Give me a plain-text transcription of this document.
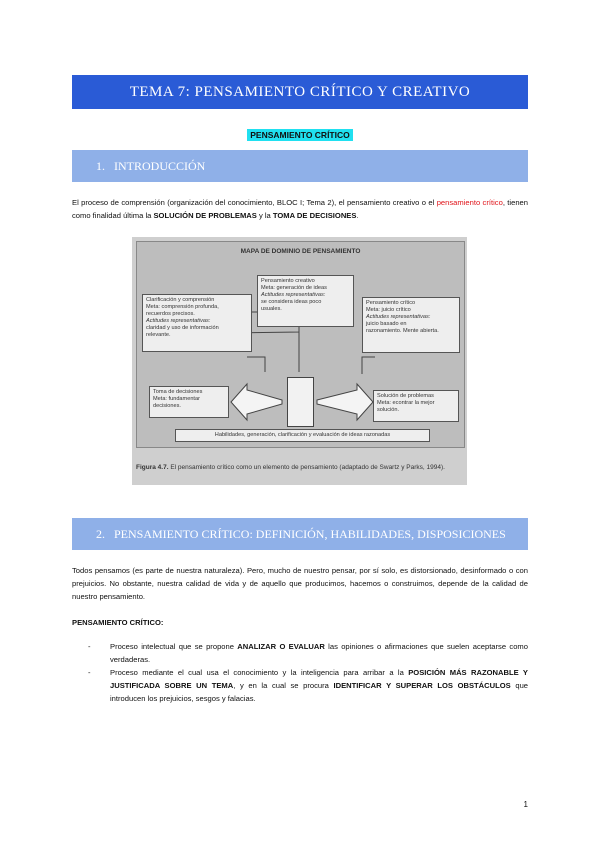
TEMA 7: PENSAMIENTO CRÍTICO Y CREATIVO
PENSAMIENTO CRÍTICO
1. INTRODUCCIÓN
El proceso de comprensión (organización del conocimiento, BLOC I; Tema 2), el pensamiento creativo o el pensamiento crítico, tienen como finalidad última la SOLUCIÓN DE PROBLEMAS y la TOMA DE DECISIONES.
MAPA DE DOMINIO DE PENSAMIENTO
Pensamiento creativo
Meta: generación de ideas
Actitudes representativas:
se considera ideas poco
usuales.
Clarificación y comprensión
Meta: comprensión profunda,
recuerdos precisos.
Actitudes representativas:
claridad y uso de información
relevante.
Pensamiento crítico
Meta: juicio crítico
Actitudes representativas:
juicio basado en
razonamiento. Mente abierta.
Toma de decisiones
Meta: fundamentar
decisiones.
Solución de problemas
Meta: econtrar la mejor
solución.
Habilidades, generación, clarificación y evaluación de ideas razonadas
Figura 4.7. El pensamiento crítico como un elemento de pensamiento (adaptado de Swartz y Parks, 1994).
2. PENSAMIENTO CRÍTICO: DEFINICIÓN, HABILIDADES, DISPOSICIONES
Todos pensamos (es parte de nuestra naturaleza). Pero, mucho de nuestro pensar, por sí solo, es distorsionado, desinformado o con prejuicios. No obstante, nuestra calidad de vida y de aquello que producimos, hacemos o construimos, depende de la calidad de nuestro pensamiento.
PENSAMIENTO CRÍTICO:
-	Proceso intelectual que se propone ANALIZAR O EVALUAR las opiniones o afirmaciones que suelen aceptarse como verdaderas.
-	Proceso mediante el cual usa el conocimiento y la inteligencia para arribar a la POSICIÓN MÁS RAZONABLE Y JUSTIFICADA SOBRE UN TEMA, y en la cual se procura IDENTIFICAR Y SUPERAR LOS OBSTÁCULOS que introducen los prejuicios, sesgos y falacias.
1
